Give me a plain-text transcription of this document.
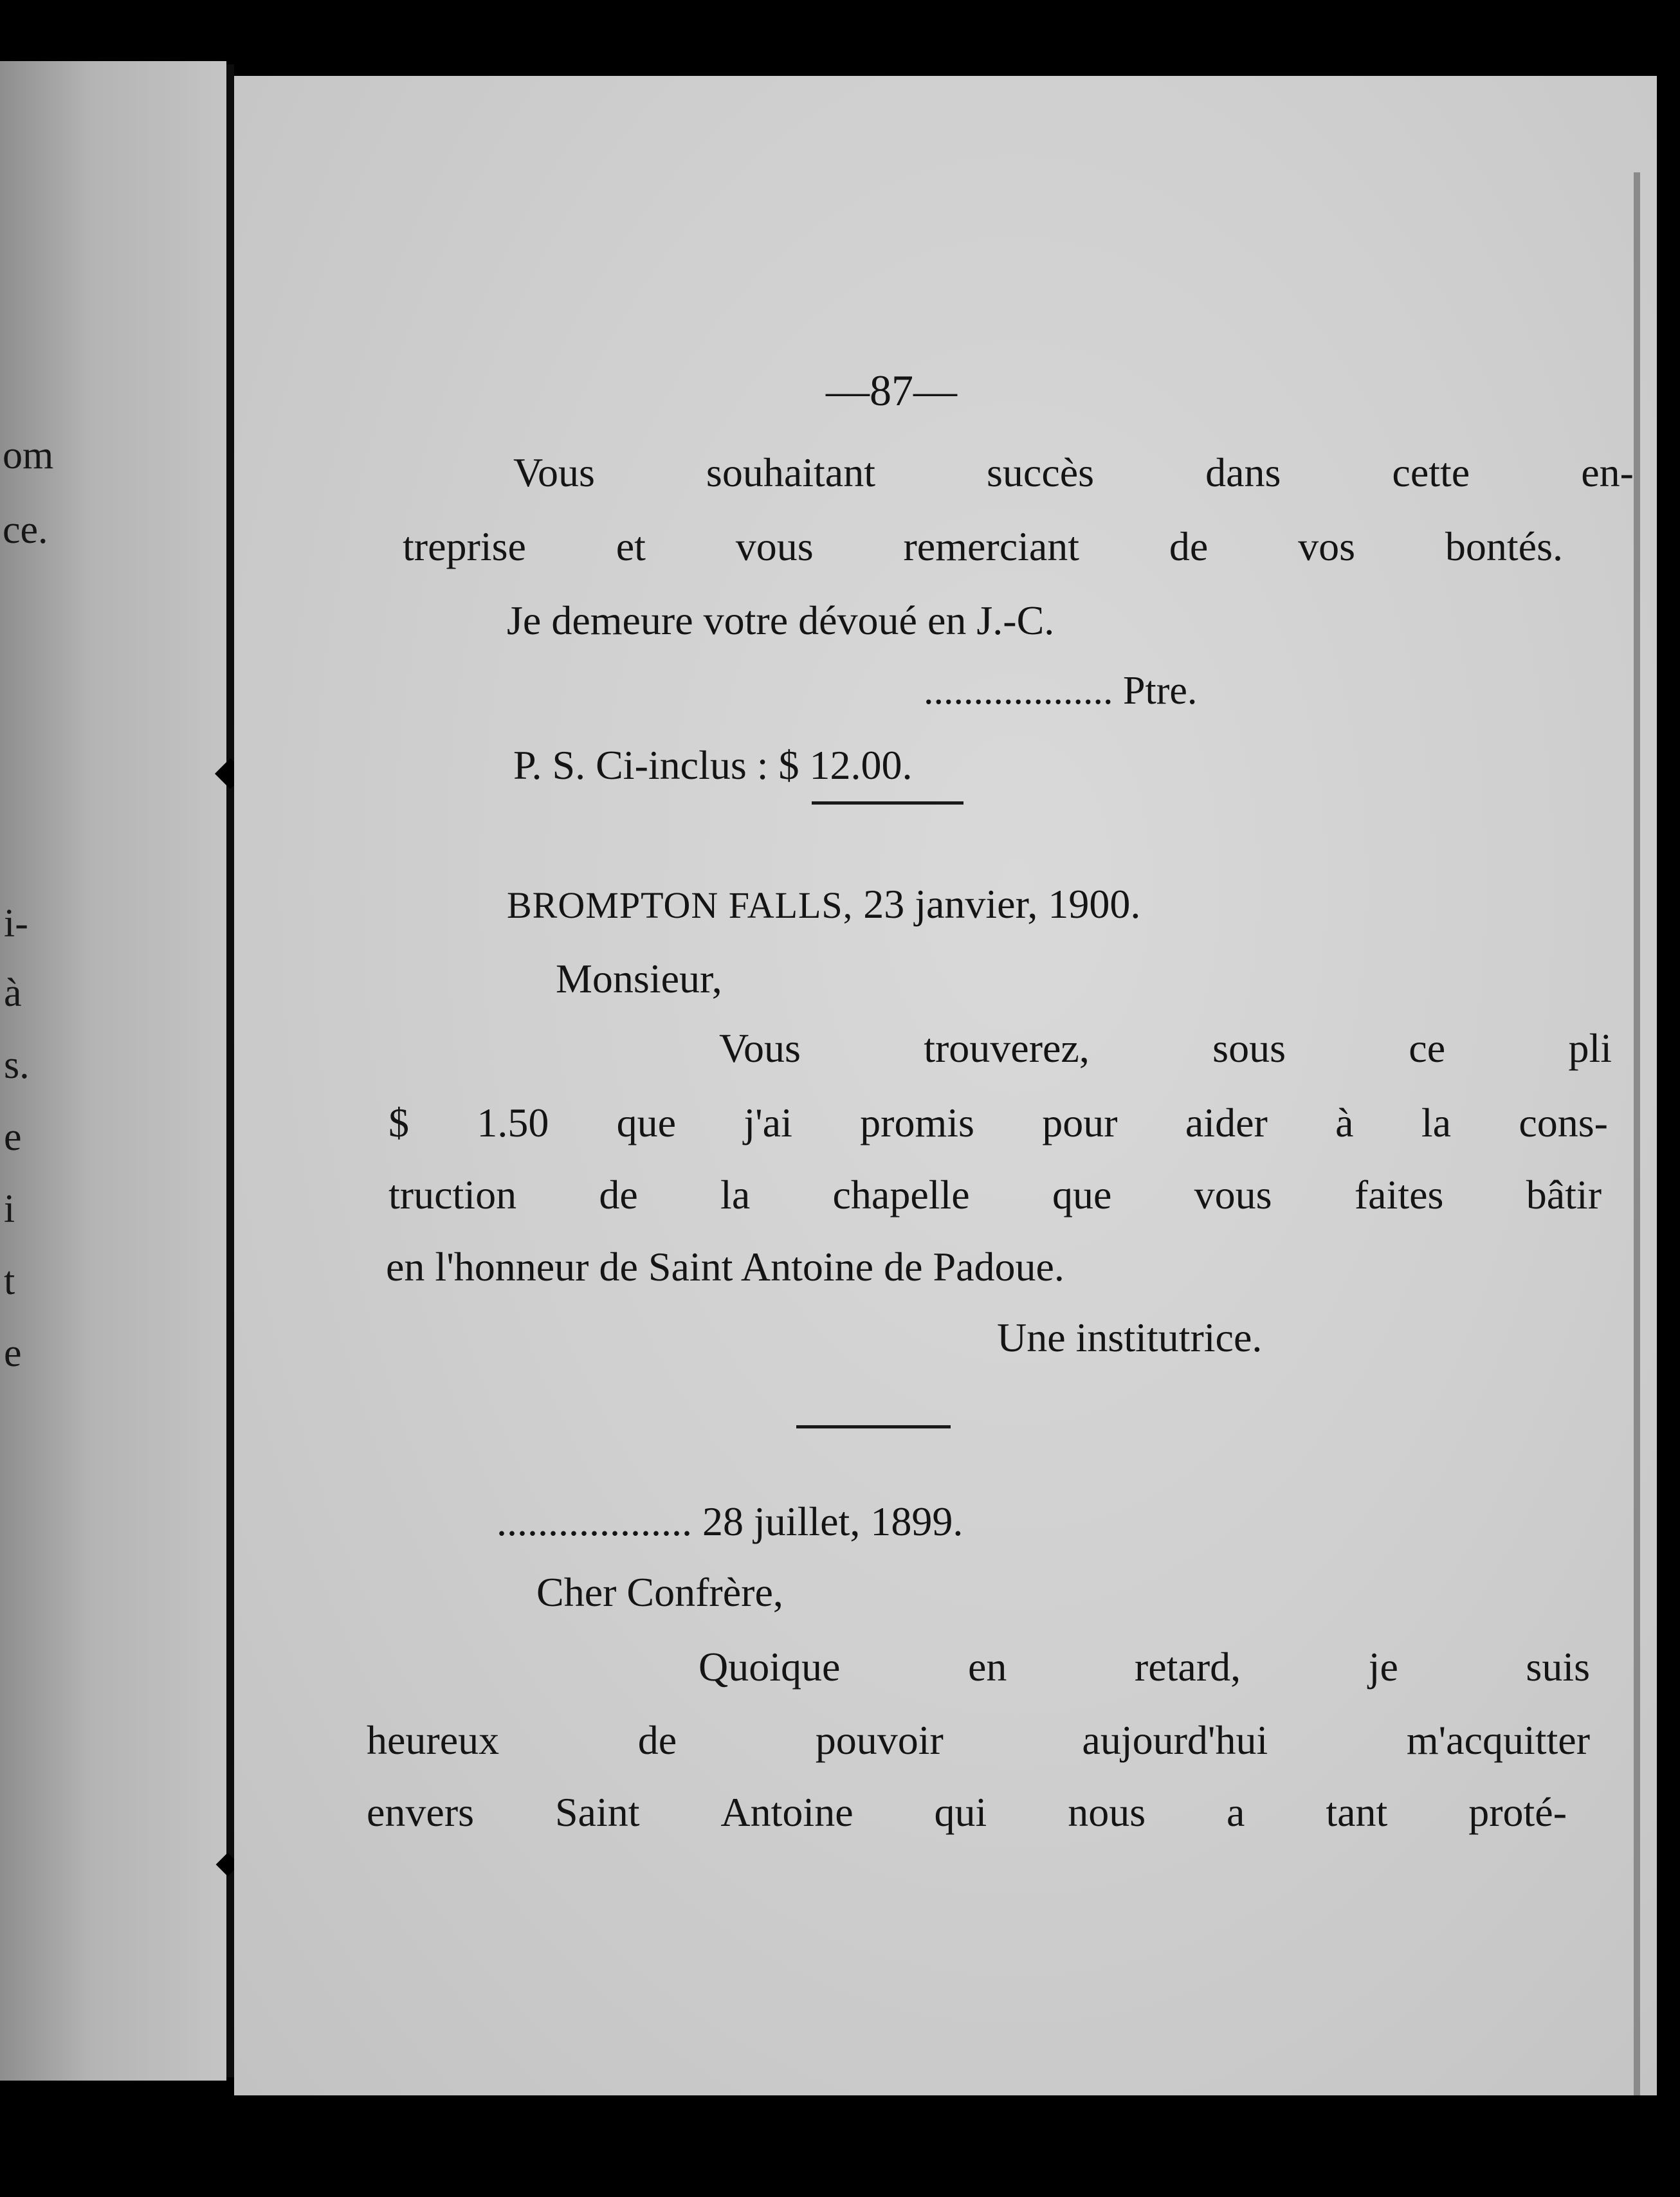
om
ce.
i-
à
s.
e
i
t
e
—87—
Vous	souhaitant	succès	dans	cette	en-
treprise et vous remerciant de vos bontés.
Je demeure votre dévoué en J.-C.
................... Ptre.
P. S. Ci-inclus : $ 12.00.
BROMPTON FALLS, 23 janvier, 1900.
Monsieur,
Vous	trouverez,	sous	ce	pli
$ 1.50 que j'ai promis pour aider à la cons-
truction de la chapelle que vous faites bâtir
en l'honneur de Saint Antoine de Padoue.
Une institutrice.
................... 28 juillet, 1899.
Cher Confrère,
Quoique	en	retard,	je	suis
heureux	de	pouvoir	aujourd'hui	m'acquitter
envers Saint Antoine qui nous a tant proté-
